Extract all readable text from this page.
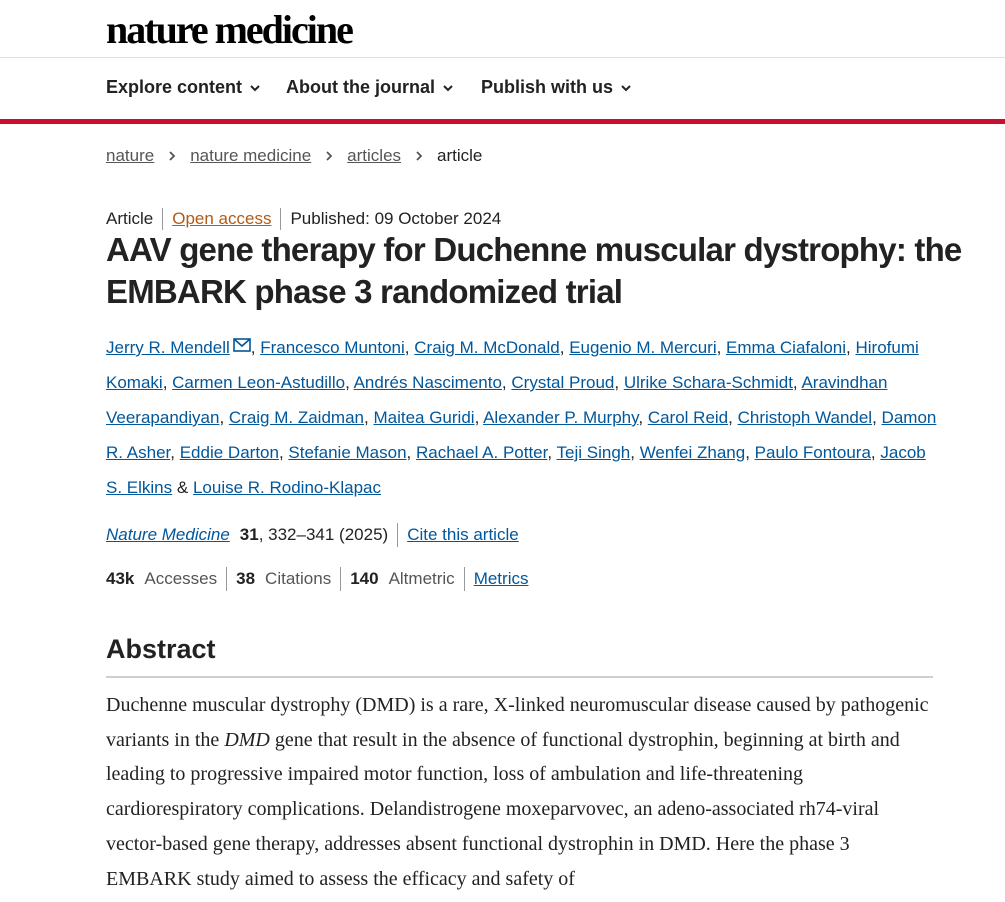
nature medicine
Explore content About the journal	Publish with us
nature nature medicine articles article
Article Open access Published: 09 October 2024
AAV gene therapy for Duchenne muscular dystrophy: the EMBARK phase 3 randomized trial
Jerry R. Mendell , Francesco Muntoni, Craig M. McDonald, Eugenio M. Mercuri, Emma Ciafaloni, Hirofumi Komaki, Carmen Leon-Astudillo, Andrés Nascimento, Crystal Proud, Ulrike Schara-Schmidt, Aravindhan Veerapandiyan, Craig M. Zaidman, Maitea Guridi, Alexander P. Murphy, Carol Reid, Christoph Wandel, Damon R. Asher, Eddie Darton, Stefanie Mason, Rachael A. Potter, Teji Singh, Wenfei Zhang, Paulo Fontoura, Jacob S. Elkins & Louise R. Rodino-Klapac
Nature Medicine 31 , 332–341 (2025) Cite this article
43k Accesses 38 Citations 140 Altmetric Metrics
Abstract

Duchenne muscular dystrophy (DMD) is a rare, X-linked neuromuscular disease caused by pathogenic variants in the DMD gene that result in the absence of functional dystrophin, beginning at birth and leading to progressive impaired motor function, loss of ambulation and life-threatening cardiorespiratory complications. Delandistrogene moxeparvovec, an adeno-associated rh74-viral vector-based gene therapy, addresses absent functional dystrophin in DMD. Here the phase 3 EMBARK study aimed to assess the efficacy and safety of
